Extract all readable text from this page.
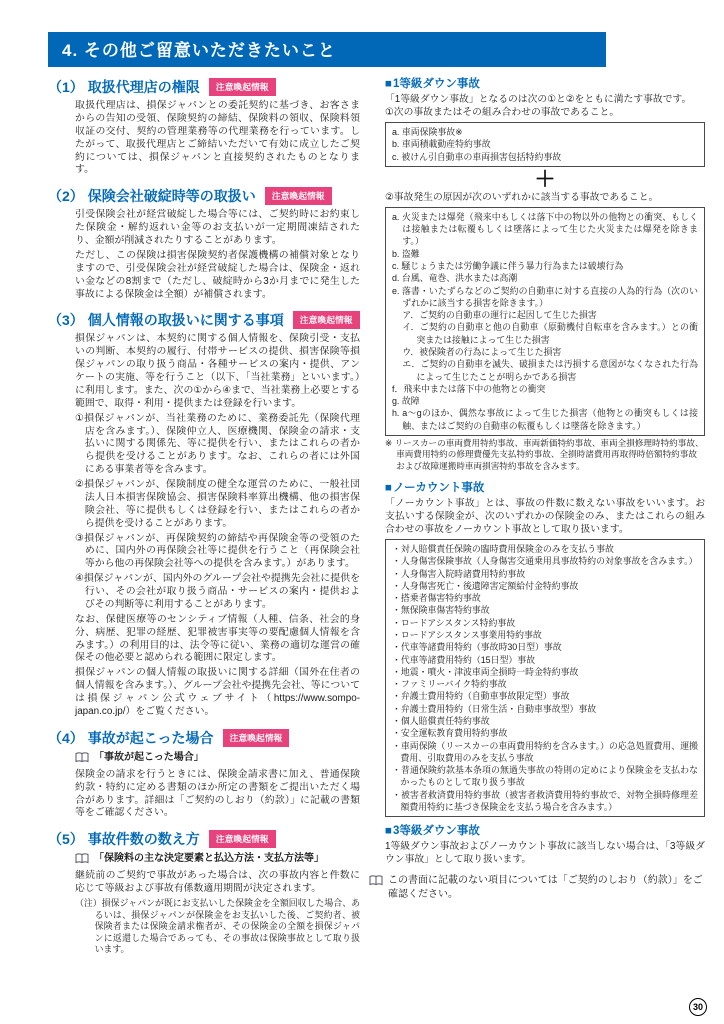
4. その他ご留意いただきたいこと
（1） 取扱代理店の権限	注意喚起情報

取扱代理店は、損保ジャパンとの委託契約に基づき、お客さまからの告知の受領、保険契約の締結、保険料の領収、保険料領収証の交付、契約の管理業務等の代理業務を行っています。したがって、取扱代理店とご締結いただいて有効に成立したご契約については、損保ジャパンと直接契約されたものとなります。

（2） 保険会社破綻時等の取扱い	注意喚起情報

引受保険会社が経営破綻した場合等には、ご契約時にお約束した保険金・解約返れい金等のお支払いが一定期間凍結されたり、金額が削減されたりすることがあります。

ただし、この保険は損害保険契約者保護機構の補償対象となりますので、引受保険会社が経営破綻した場合は、保険金・返れい金などの8割まで（ただし、破綻時から3か月までに発生した事故による保険金は全額）が補償されます。

（3） 個人情報の取扱いに関する事項	注意喚起情報

損保ジャパンは、本契約に関する個人情報を、保険引受・支払いの判断、本契約の履行、付帯サービスの提供、損害保険等損保ジャパンの取り扱う商品・各種サービスの案内・提供、アンケートの実施、等を行うこと（以下、「当社業務」といいます。）に利用します。また、次の①から④まで、当社業務上必要とする範囲で、取得・利用・提供または登録を行います。

①損保ジャパンが、当社業務のために、業務委託先（保険代理店を含みます。）、保険仲立人、医療機関、保険金の請求・支払いに関する関係先、等に提供を行い、またはこれらの者から提供を受けることがあります。なお、これらの者には外国にある事業者等を含みます。

②損保ジャパンが、保険制度の健全な運営のために、一般社団法人日本損害保険協会、損害保険料率算出機構、他の損害保険会社、等に提供もしくは登録を行い、またはこれらの者から提供を受けることがあります。

③損保ジャパンが、再保険契約の締結や再保険金等の受領のために、国内外の再保険会社等に提供を行うこと（再保険会社等から他の再保険会社等への提供を含みます。）があります。

④損保ジャパンが、国内外のグループ会社や提携先会社に提供を行い、その会社が取り扱う商品・サービスの案内・提供およびその判断等に利用することがあります。

なお、保健医療等のセンシティブ情報（人種、信条、社会的身分、病歴、犯罪の経歴、犯罪被害事実等の要配慮個人情報を含みます。）の利用目的は、法令等に従い、業務の適切な運営の確保その他必要と認められる範囲に限定します。

損保ジャパンの個人情報の取扱いに関する詳細（国外在住者の個人情報を含みます。）、グループ会社や提携先会社、等については損保ジャパン公式ウェブサイト（https://www.sompo-japan.co.jp/）をご覧ください。

（4） 事故が起こった場合	注意喚起情報
「事故が起こった場合」

保険金の請求を行うときには、保険金請求書に加え、普通保険約款・特約に定める書類のほか所定の書類をご提出いただく場合があります。詳細は「ご契約のしおり（約款）」に記載の書類等をご確認ください。

（5） 事故件数の数え方	注意喚起情報
「保険料の主な決定要素と払込方法・支払方法等」

継続前のご契約で事故があった場合は、次の事故内容と件数に応じて等級および事故有係数適用期間が決定されます。

（注）損保ジャパンが既にお支払いした保険金を全額回収した場合、あるいは、損保ジャパンが保険金をお支払いした後、ご契約者、被保険者または保険金請求権者が、その保険金の全額を損保ジャパンに返還した場合であっても、その事故は保険事故として取り扱います。

■1等級ダウン事故
「1等級ダウン事故」となるのは次の①と②をともに満たす事故です。
①次の事故またはその組み合わせの事故であること。
a. 車両保険事故※
b. 車両積載動産特約事故
c. 被けん引自動車の車両損害包括特約事故
＋
②事故発生の原因が次のいずれかに該当する事故であること。
a. 火災または爆発（飛来中もしくは落下中の物以外の他物との衝突、もしくは接触または転覆もしくは墜落によって生じた火災または爆発を除きます。）
b. 盗難
c. 騒じょうまたは労働争議に伴う暴力行為または破壊行為
d. 台風、竜巻、洪水または高潮
e. 落書・いたずらなどのご契約の自動車に対する直接の人為的行為（次のいずれかに該当する損害を除きます。）
ア．ご契約の自動車の運行に起因して生じた損害
イ．ご契約の自動車と他の自動車（原動機付自転車を含みます。）との衝突または接触によって生じた損害
ウ．被保険者の行為によって生じた損害
エ．ご契約の自動車を滅失、破損または汚損する意図がなくなされた行為によって生じたことが明らかである損害
f．飛来中または落下中の他物との衝突
g. 故障
h. a～gのほか、偶然な事故によって生じた損害（他物との衝突もしくは接触、またはご契約の自動車の転覆もしくは墜落を除きます。）
※ リースカーの車両費用特約事故、車両新価特約事故、車両全損修理時特約事故、車両費用特約の修理費優先支払特約事故、全損時諸費用再取得時倍額特約事故および故障運搬時車両損害特約事故を含みます。
■ノーカウント事故
「ノーカウント事故」とは、事故の件数に数えない事故をいいます。お支払いする保険金が、次のいずれかの保険金のみ、またはこれらの組み合わせの事故をノーカウント事故として取り扱います。
・対人賠償責任保険の臨時費用保険金のみを支払う事故
・人身傷害保険事故（人身傷害交通乗用具事故特約の対象事故を含みます。）
・人身傷害入院時諸費用特約事故
・人身傷害死亡・後遺障害定額給付金特約事故
・搭乗者傷害特約事故
・無保険車傷害特約事故
・ロードアシスタンス特約事故
・ロードアシスタンス事業用特約事故
・代車等諸費用特約（事故時30日型）事故
・代車等諸費用特約（15日型）事故
・地震・噴火・津波車両全損時一時金特約事故
・ファミリーバイク特約事故
・弁護士費用特約（自動車事故限定型）事故
・弁護士費用特約（日常生活・自動車事故型）事故
・個人賠償責任特約事故
・安全運転教育費用特約事故
・車両保険（リースカーの車両費用特約を含みます。）の応急処置費用、運搬費用、引取費用のみを支払う事故
・普通保険約款基本条項の無過失事故の特則の定めにより保険金を支払わなかったものとして取り扱う事故
・被害者救済費用特約事故（被害者救済費用特約事故で、対物全損時修理差額費用特約に基づき保険金を支払う場合を含みます。）
■3等級ダウン事故
1等級ダウン事故およびノーカウント事故に該当しない場合は、「3等級ダウン事故」として取り扱います。
この書面に記載のない項目については「ご契約のしおり（約款）」をご確認ください。
30
